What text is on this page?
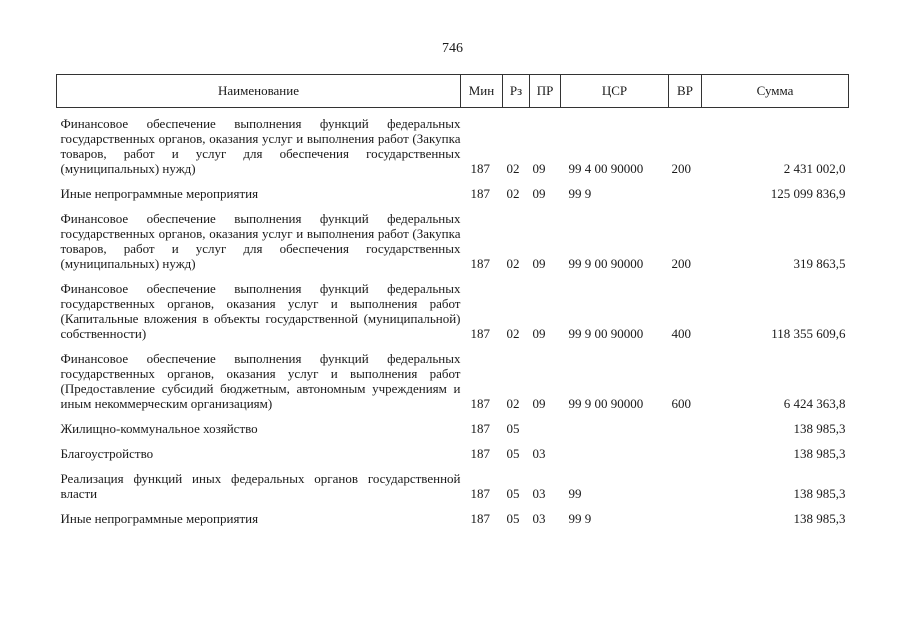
746
Наименование	Мин	Рз	ПР	ЦСР	ВР	Сумма
Финансовое обеспечение выполнения функций федеральных государственных органов, оказания услуг и выполнения работ (Закупка товаров, работ и услуг для обеспечения государственных (муниципальных) нужд)	187	02	09	99 4 00 90000	200	2 431 002,0

Иные непрограммные мероприятия	187	02	09	99 9		125 099 836,9

Финансовое обеспечение выполнения функций федеральных государственных органов, оказания услуг и выполнения работ (Закупка товаров, работ и услуг для обеспечения государственных (муниципальных) нужд)	187	02	09	99 9 00 90000	200	319 863,5

Финансовое обеспечение выполнения функций федеральных государственных органов, оказания услуг и выполнения работ (Капитальные вложения в объекты государственной (муниципальной) собственности)	187	02	09	99 9 00 90000	400	118 355 609,6

Финансовое обеспечение выполнения функций федеральных государственных органов, оказания услуг и выполнения работ (Предоставление субсидий бюджетным, автономным учреждениям и иным некоммерческим организациям)	187	02	09	99 9 00 90000	600	6 424 363,8

Жилищно-коммунальное хозяйство	187	05				138 985,3

Благоустройство	187	05	03			138 985,3

Реализация функций иных федеральных органов государственной власти	187	05	03	99		138 985,3

Иные непрограммные мероприятия	187	05	03	99 9		138 985,3
